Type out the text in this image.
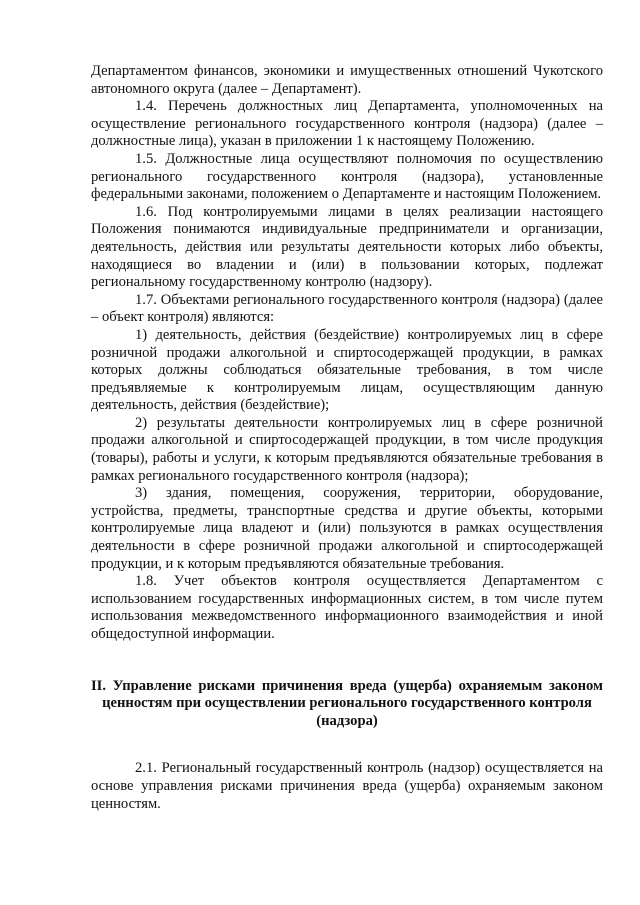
Департаментом финансов, экономики и имущественных отношений Чукотского автономного округа (далее – Департамент).

1.4. Перечень должностных лиц Департамента, уполномоченных на осуществление регионального государственного контроля (надзора) (далее – должностные лица), указан в приложении 1 к настоящему Положению.

1.5. Должностные лица осуществляют полномочия по осуществлению регионального государственного контроля (надзора), установленные федеральными законами, положением о Департаменте и настоящим Положением.

1.6. Под контролируемыми лицами в целях реализации настоящего Положения понимаются индивидуальные предприниматели и организации, деятельность, действия или результаты деятельности которых либо объекты, находящиеся во владении и (или) в пользовании которых, подлежат региональному государственному контролю (надзору).

1.7. Объектами регионального государственного контроля (надзора) (далее – объект контроля) являются:

1) деятельность, действия (бездействие) контролируемых лиц в сфере розничной продажи алкогольной и спиртосодержащей продукции, в рамках которых должны соблюдаться обязательные требования, в том числе предъявляемые к контролируемым лицам, осуществляющим данную деятельность, действия (бездействие);

2) результаты деятельности контролируемых лиц в сфере розничной продажи алкогольной и спиртосодержащей продукции, в том числе продукция (товары), работы и услуги, к которым предъявляются обязательные требования в рамках регионального государственного контроля (надзора);

3) здания, помещения, сооружения, территории, оборудование, устройства, предметы, транспортные средства и другие объекты, которыми контролируемые лица владеют и (или) пользуются в рамках осуществления деятельности в сфере розничной продажи алкогольной и спиртосодержащей продукции, и к которым предъявляются обязательные требования.

1.8. Учет объектов контроля осуществляется Департаментом с использованием государственных информационных систем, в том числе путем использования межведомственного информационного взаимодействия и иной общедоступной информации.

II. Управление рисками причинения вреда (ущерба) охраняемым законом
ценностям при осуществлении регионального государственного контроля
(надзора)

2.1. Региональный государственный контроль (надзор) осуществляется на основе управления рисками причинения вреда (ущерба) охраняемым законом ценностям.
